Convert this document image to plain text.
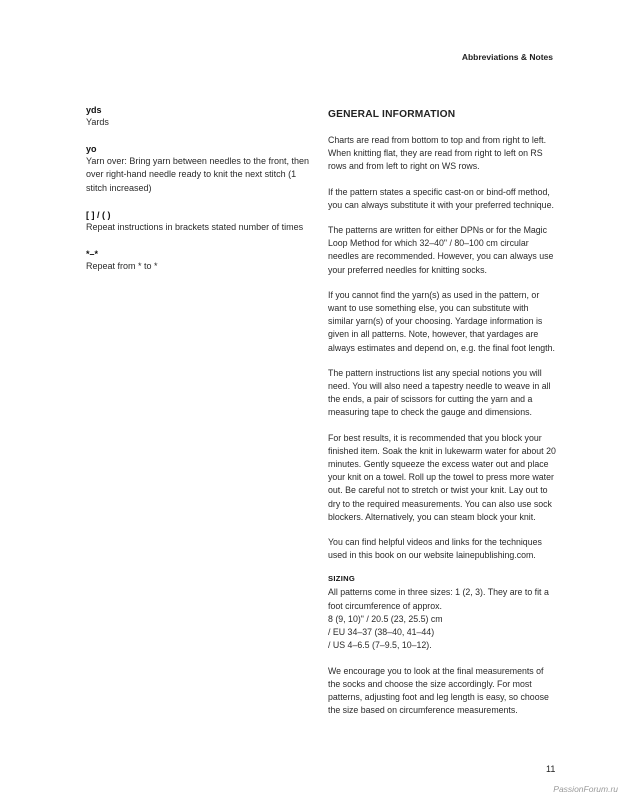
Abbreviations & Notes
yds

Yards

yo

Yarn over: Bring yarn between needles to the front, then over right-hand needle ready to knit the next stitch (1 stitch increased)

[ ] / ( )

Repeat instructions in brackets stated number of times

*–*

Repeat from * to *

GENERAL INFORMATION

Charts are read from bottom to top and from right to left. When knitting flat, they are read from right to left on RS rows and from left to right on WS rows.

If the pattern states a specific cast-on or bind-off method, you can always substitute it with your preferred technique.

The patterns are written for either DPNs or for the Magic Loop Method for which 32–40" / 80–100 cm circular needles are recommended. However, you can always use your preferred needles for knitting socks.

If you cannot find the yarn(s) as used in the pattern, or want to use something else, you can substitute with similar yarn(s) of your choosing. Yardage information is given in all patterns. Note, however, that yardages are always estimates and depend on, e.g. the final foot length.

The pattern instructions list any special notions you will need. You will also need a tapestry needle to weave in all the ends, a pair of scissors for cutting the yarn and a measuring tape to check the gauge and dimensions.

For best results, it is recommended that you block your finished item. Soak the knit in lukewarm water for about 20 minutes. Gently squeeze the excess water out and place your knit on a towel. Roll up the towel to press more water out. Be careful not to stretch or twist your knit. Lay out to dry to the required measurements. You can also use sock blockers. Alternatively, you can steam block your knit.

You can find helpful videos and links for the techniques used in this book on our website lainepublishing.com.

SIZING

All patterns come in three sizes: 1 (2, 3). They are to fit a foot circumference of approx.
8 (9, 10)" / 20.5 (23, 25.5) cm
/ EU 34–37 (38–40, 41–44)
/ US 4–6.5 (7–9.5, 10–12).

We encourage you to look at the final measurements of the socks and choose the size accordingly. For most patterns, adjusting foot and leg length is easy, so choose the size based on circumference measurements.

11
PassionForum.ru
